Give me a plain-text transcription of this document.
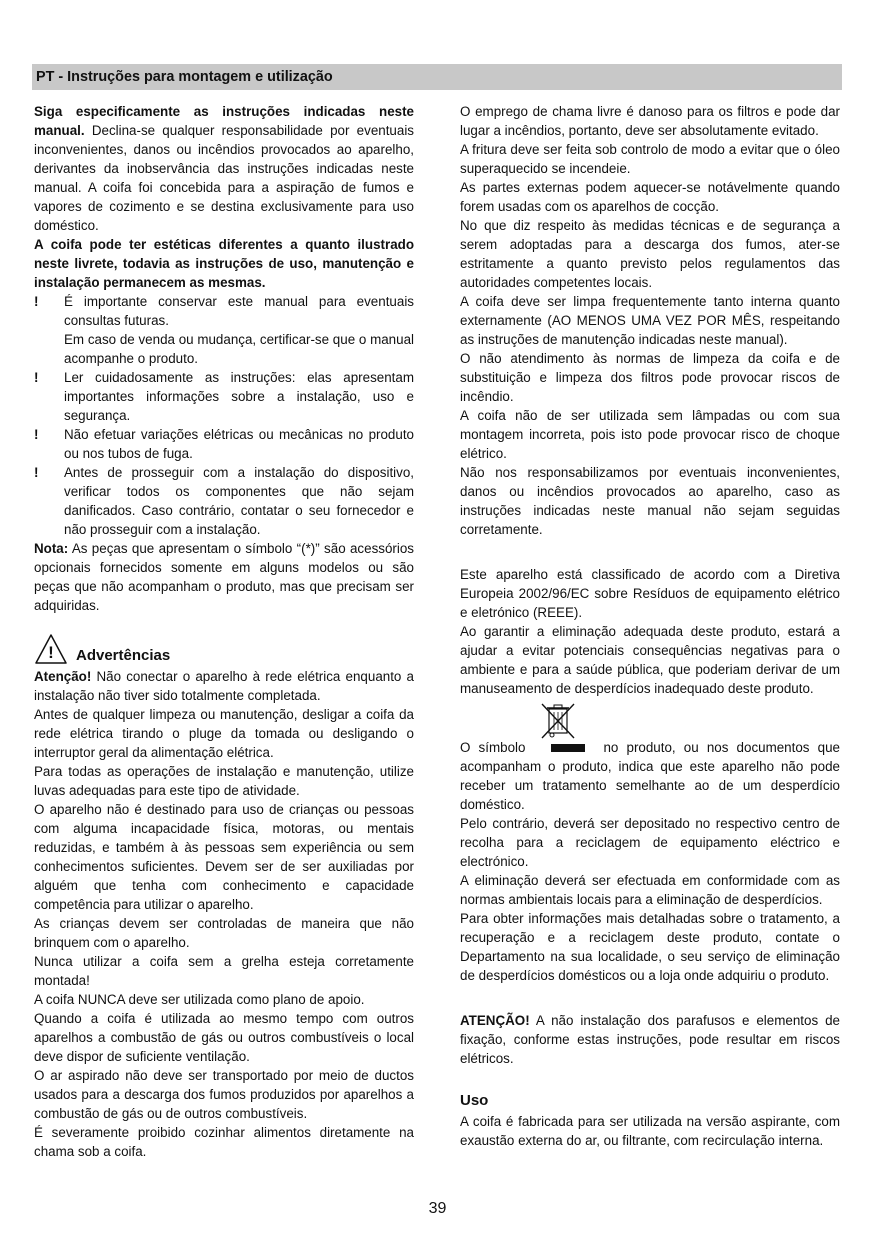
PT - Instruções para montagem e utilização

Siga especificamente as instruções indicadas neste manual. Declina-se qualquer responsabilidade por eventuais inconvenientes, danos ou incêndios provocados ao aparelho, derivantes da inobservância das instruções indicadas neste manual. A coifa foi concebida para a aspiração de fumos e vapores de cozimento e se destina exclusivamente para uso doméstico.

A coifa pode ter estéticas diferentes a quanto ilustrado neste livrete, todavia as instruções de uso, manutenção e instalação permanecem as mesmas.

! É importante conservar este manual para eventuais consultas futuras.
Em caso de venda ou mudança, certificar-se que o manual acompanhe o produto.
! Ler cuidadosamente as instruções: elas apresentam importantes informações sobre a instalação, uso e segurança.
! Não efetuar variações elétricas ou mecânicas no produto ou nos tubos de fuga.
! Antes de prosseguir com a instalação do dispositivo, verificar todos os componentes que não sejam danificados. Caso contrário, contatar o seu fornecedor e não prosseguir com a instalação.

Nota: As peças que apresentam o símbolo “(*)” são acessórios opcionais fornecidos somente em alguns modelos ou são peças que não acompanham o produto, mas que precisam ser adquiridas.

! Advertências

Atenção! Não conectar o aparelho à rede elétrica enquanto a instalação não tiver sido totalmente completada.

Antes de qualquer limpeza ou manutenção, desligar a coifa da rede elétrica tirando o pluge da tomada ou desligando o interruptor geral da alimentação elétrica.

Para todas as operações de instalação e manutenção, utilize luvas adequadas para este tipo de atividade.

O aparelho não é destinado para uso de crianças ou pessoas com alguma incapacidade física, motoras, ou mentais reduzidas, e também à às pessoas sem experiência ou sem conhecimentos suficientes. Devem ser de ser auxiliadas por alguém que tenha com conhecimento e capacidade competência para utilizar o aparelho.

As crianças devem ser controladas de maneira que não brinquem com o aparelho.

Nunca utilizar a coifa sem a grelha esteja corretamente montada!

A coifa NUNCA deve ser utilizada como plano de apoio.

Quando a coifa é utilizada ao mesmo tempo com outros aparelhos a combustão de gás ou outros combustíveis o local deve dispor de suficiente ventilação.

O ar aspirado não deve ser transportado por meio de ductos usados para a descarga dos fumos produzidos por aparelhos a combustão de gás ou de outros combustíveis.

É severamente proibido cozinhar alimentos diretamente na chama sob a coifa.

O emprego de chama livre é danoso para os filtros e pode dar lugar a incêndios, portanto, deve ser absolutamente evitado.

A fritura deve ser feita sob controlo de modo a evitar que o óleo superaquecido se incendeie.

As partes externas podem aquecer-se notávelmente quando forem usadas com os aparelhos de cocção.

No que diz respeito às medidas técnicas e de segurança a serem adoptadas para a descarga dos fumos, ater-se estritamente a quanto previsto pelos regulamentos das autoridades competentes locais.

A coifa deve ser limpa frequentemente tanto interna quanto externamente (AO MENOS UMA VEZ POR MÊS, respeitando as instruções de manutenção indicadas neste manual).

O não atendimento às normas de limpeza da coifa e de substituição e limpeza dos filtros pode provocar riscos de incêndio.

A coifa não de ser utilizada sem lâmpadas ou com sua montagem incorreta, pois isto pode provocar risco de choque elétrico.

Não nos responsabilizamos por eventuais inconvenientes, danos ou incêndios provocados ao aparelho, caso as instruções indicadas neste manual não sejam seguidas corretamente.

Este aparelho está classificado de acordo com a Diretiva Europeia 2002/96/EC sobre Resíduos de equipamento elétrico e eletrónico (REEE).

Ao garantir a eliminação adequada deste produto, estará a ajudar a evitar potenciais consequências negativas para o ambiente e para a saúde pública, que poderiam derivar de um manuseamento de desperdícios inadequado deste produto.

O símbolo	no produto, ou nos documentos que acompanham o produto, indica que este aparelho não pode receber um tratamento semelhante ao de um desperdício doméstico.

Pelo contrário, deverá ser depositado no respectivo centro de recolha para a reciclagem de equipamento eléctrico e electrónico.

A eliminação deverá ser efectuada em conformidade com as normas ambientais locais para a eliminação de desperdícios.

Para obter informações mais detalhadas sobre o tratamento, a recuperação e a reciclagem deste produto, contate o Departamento na sua localidade, o seu serviço de eliminação de desperdícios domésticos ou a loja onde adquiriu o produto.

ATENÇÃO! A não instalação dos parafusos e elementos de fixação, conforme estas instruções, pode resultar em riscos elétricos.

Uso

A coifa é fabricada para ser utilizada na versão aspirante, com exaustão externa do ar, ou filtrante, com recirculação interna.

39
